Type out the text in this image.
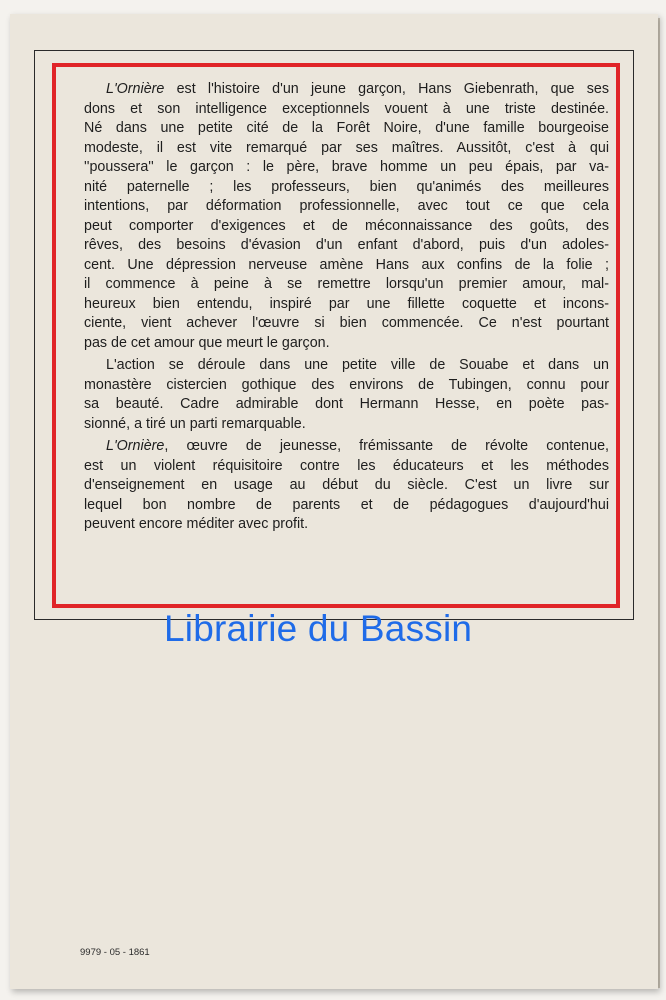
L'Ornière est l'histoire d'un jeune garçon, Hans Giebenrath, que ses
dons et son intelligence exceptionnels vouent à une triste destinée.
Né dans une petite cité de la Forêt Noire, d'une famille bourgeoise
modeste, il est vite remarqué par ses maîtres. Aussitôt, c'est à qui
''poussera'' le garçon : le père, brave homme un peu épais, par va-
nité paternelle ; les professeurs, bien qu'animés des meilleures
intentions, par déformation professionnelle, avec tout ce que cela
peut comporter d'exigences et de méconnaissance des goûts, des
rêves, des besoins d'évasion d'un enfant d'abord, puis d'un adoles-
cent. Une dépression nerveuse amène Hans aux confins de la folie ;
il commence à peine à se remettre lorsqu'un premier amour, mal-
heureux bien entendu, inspiré par une fillette coquette et incons-
ciente, vient achever l'œuvre si bien commencée. Ce n'est pourtant
pas de cet amour que meurt le garçon.
L'action se déroule dans une petite ville de Souabe et dans un
monastère cistercien gothique des environs de Tubingen, connu pour
sa beauté. Cadre admirable dont Hermann Hesse, en poète pas-
sionné, a tiré un parti remarquable.
L'Ornière, œuvre de jeunesse, frémissante de révolte contenue,
est un violent réquisitoire contre les éducateurs et les méthodes
d'enseignement en usage au début du siècle. C'est un livre sur
lequel bon nombre de parents et de pédagogues d'aujourd'hui
peuvent encore méditer avec profit.
Librairie du Bassin
9979 - 05 - 1861
